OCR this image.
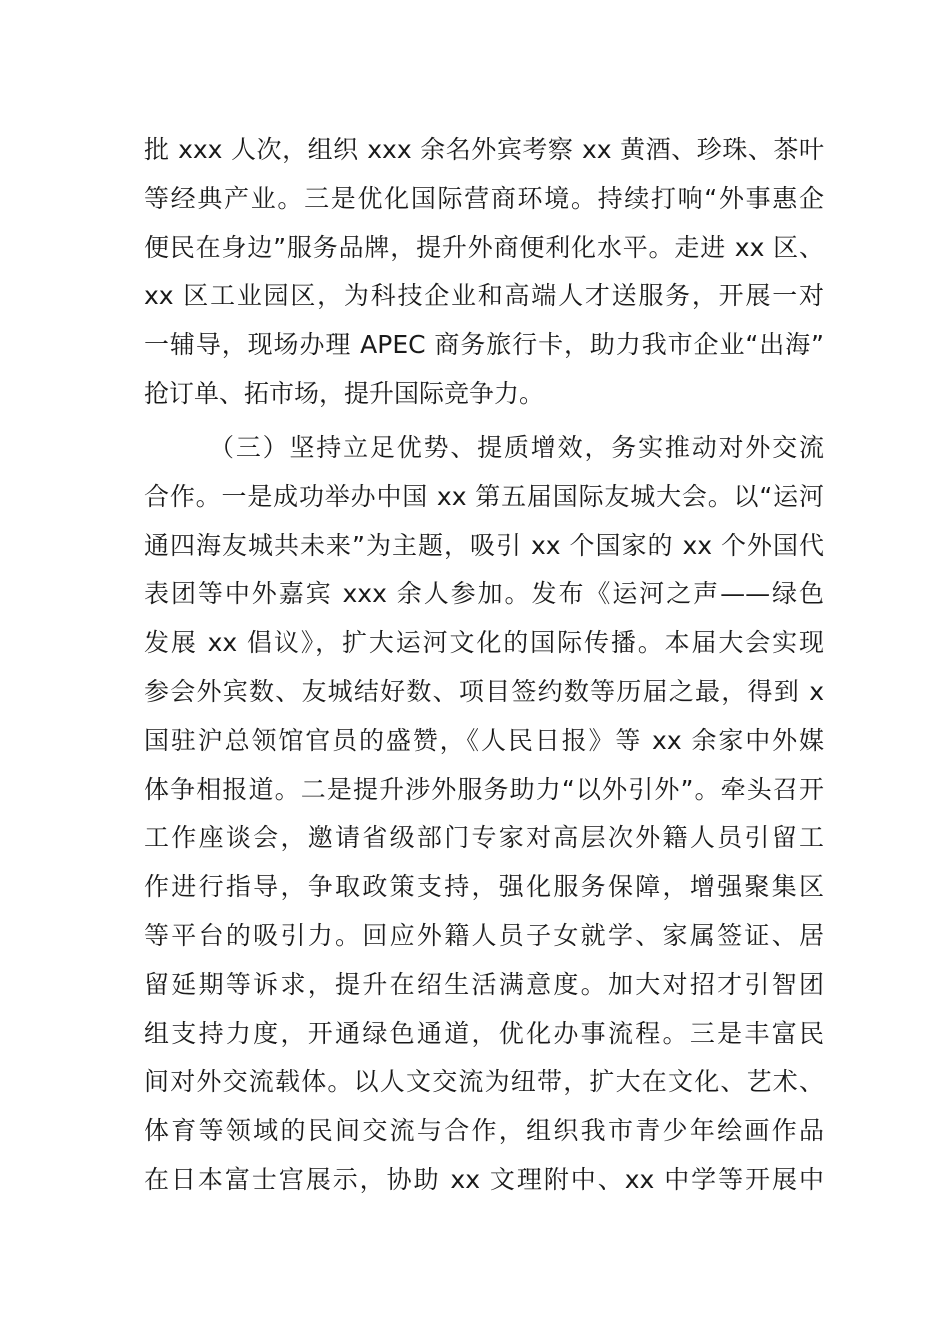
批 xxx 人次，组织 xxx 余名外宾考察 xx 黄酒、珍珠、茶叶
等经典产业。三是优化国际营商环境。持续打响“外事惠企
便民在身边”服务品牌，提升外商便利化水平。走进 xx 区、
xx 区工业园区，为科技企业和高端人才送服务，开展一对
一辅导，现场办理 APEC 商务旅行卡，助力我市企业“出海”
抢订单、拓市场，提升国际竞争力。
（三）坚持立足优势、提质增效，务实推动对外交流
合作。一是成功举办中国 xx 第五届国际友城大会。以“运河
通四海友城共未来”为主题，吸引 xx 个国家的 xx 个外国代
表团等中外嘉宾 xxx 余人参加。发布《运河之声——绿色
发展 xx 倡议》，扩大运河文化的国际传播。本届大会实现
参会外宾数、友城结好数、项目签约数等历届之最，得到 x
国驻沪总领馆官员的盛赞，《人民日报》等 xx 余家中外媒
体争相报道。二是提升涉外服务助力“以外引外”。牵头召开
工作座谈会，邀请省级部门专家对高层次外籍人员引留工
作进行指导，争取政策支持，强化服务保障，增强聚集区
等平台的吸引力。回应外籍人员子女就学、家属签证、居
留延期等诉求，提升在绍生活满意度。加大对招才引智团
组支持力度，开通绿色通道，优化办事流程。三是丰富民
间对外交流载体。以人文交流为纽带，扩大在文化、艺术、
体育等领域的民间交流与合作，组织我市青少年绘画作品
在日本富士宫展示，协助 xx 文理附中、xx 中学等开展中
